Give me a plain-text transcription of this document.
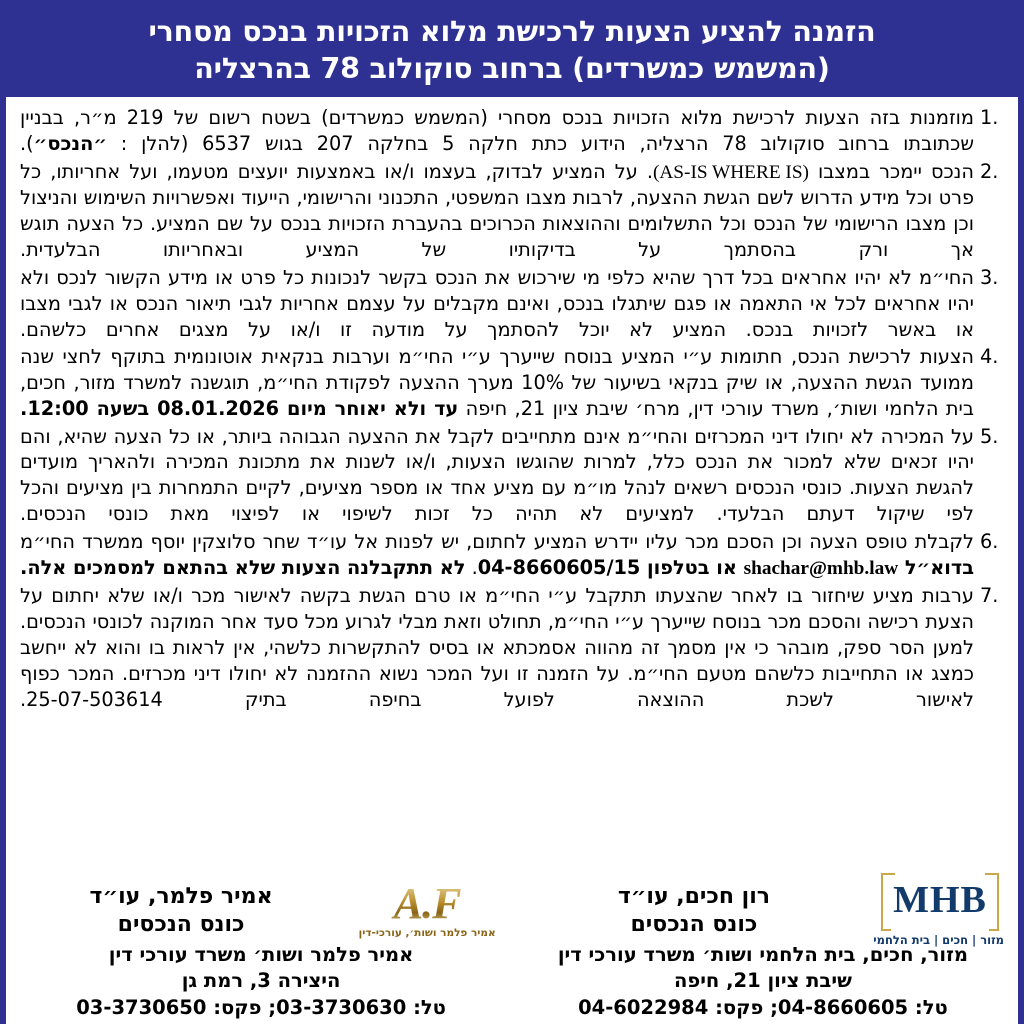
הזמנה להציע הצעות לרכישת מלוא הזכויות בנכס מסחרי
(המשמש כמשרדים) ברחוב סוקולוב 78 בהרצליה
מוזמנות בזה הצעות לרכישת מלוא הזכויות בנכס מסחרי (המשמש כמשרדים) בשטח רשום של 219 מ״ר, בבניין שכתובתו ברחוב סוקולוב 78 הרצליה, הידוע כתת חלקה 5 בחלקה 207 בגוש 6537 (להלן : ״הנכס״).
הנכס יימכר במצבו (AS-IS WHERE IS). על המציע לבדוק, בעצמו ו/או באמצעות יועצים מטעמו, ועל אחריותו, כל פרט וכל מידע הדרוש לשם הגשת ההצעה, לרבות מצבו המשפטי, התכנוני והרישומי, הייעוד ואפשרויות השימוש והניצול וכן מצבו הרישומי של הנכס וכל התשלומים וההוצאות הכרוכים בהעברת הזכויות בנכס על שם המציע. כל הצעה תוגש אך ורק בהסתמך על בדיקותיו של המציע ובאחריותו הבלעדית.
החי״מ לא יהיו אחראים בכל דרך שהיא כלפי מי שירכוש את הנכס בקשר לנכונות כל פרט או מידע הקשור לנכס ולא יהיו אחראים לכל אי התאמה או פגם שיתגלו בנכס, ואינם מקבלים על עצמם אחריות לגבי תיאור הנכס או לגבי מצבו או באשר לזכויות בנכס. המציע לא יוכל להסתמך על מודעה זו ו/או על מצגים אחרים כלשהם.
הצעות לרכישת הנכס, חתומות ע״י המציע בנוסח שייערך ע״י החי״מ וערבות בנקאית אוטונומית בתוקף לחצי שנה ממועד הגשת ההצעה, או שיק בנקאי בשיעור של 10% מערך ההצעה לפקודת החי״מ, תוגשנה למשרד מזור, חכים, בית הלחמי ושות׳, משרד עורכי דין, מרח׳ שיבת ציון 21, חיפה עד ולא יאוחר מיום 08.01.2026 בשעה 12:00.
על המכירה לא יחולו דיני המכרזים והחי״מ אינם מתחייבים לקבל את ההצעה הגבוהה ביותר, או כל הצעה שהיא, והם יהיו זכאים שלא למכור את הנכס כלל, למרות שהוגשו הצעות, ו/או לשנות את מתכונת המכירה ולהאריך מועדים להגשת הצעות. כונסי הנכסים רשאים לנהל מו״מ עם מציע אחד או מספר מציעים, לקיים התמחרות בין מציעים והכל לפי שיקול דעתם הבלעדי. למציעים לא תהיה כל זכות לשיפוי או לפיצוי מאת כונסי הנכסים.
לקבלת טופס הצעה וכן הסכם מכר עליו יידרש המציע לחתום, יש לפנות אל עו״ד שחר סלוצקין יוסף ממשרד החי״מ בדוא״ל shachar@mhb.law או בטלפון 04-8660605/15. לא תתקבלנה הצעות שלא בהתאם למסמכים אלה.
ערבות מציע שיחזור בו לאחר שהצעתו תתקבל ע״י החי״מ או טרם הגשת בקשה לאישור מכר ו/או שלא יחתום על הצעת רכישה והסכם מכר בנוסח שייערך ע״י החי״מ, תחולט וזאת מבלי לגרוע מכל סעד אחר המוקנה לכונסי הנכסים. למען הסר ספק, מובהר כי אין מסמך זה מהווה אסמכתא או בסיס להתקשרות כלשהי, אין לראות בו והוא לא ייחשב כמצג או התחייבות כלשהם מטעם החי״מ. על הזמנה זו ועל המכר נשוא ההזמנה לא יחולו דיני מכרזים. המכר כפוף לאישור לשכת ההוצאה לפועל בחיפה בתיק 25-07-503614.
רון חכים, עו״ד
כונס הנכסים
MHB
מזור | חכים | בית הלחמי
מזור, חכים, בית הלחמי ושות׳ משרד עורכי דין
שיבת ציון 21, חיפה
טל: 04-8660605; פקס: 04-6022984
אמיר פלמר, עו״ד
כונס הנכסים	A.F
אמיר פלמר ושות׳, עורכי-דין
אמיר פלמר ושות׳ משרד עורכי דין
היצירה 3, רמת גן
טל: 03-3730630; פקס: 03-3730650
